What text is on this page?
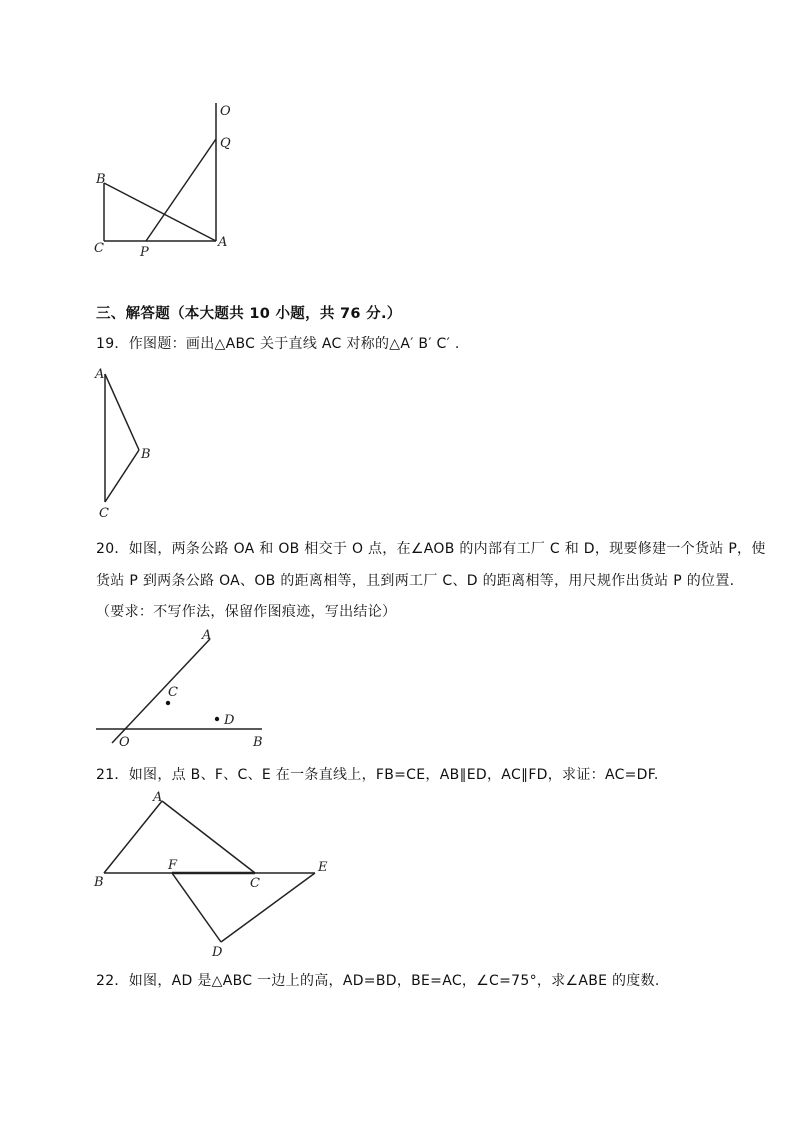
O
Q
B
C	P
A
三、解答题（本大题共 10 小题，共 76 分.）
19．作图题：画出△ABC 关于直线 AC 对称的△A′ B′ C′ .
A
B
C
20．如图，两条公路 OA 和 OB 相交于 O 点，在∠AOB 的内部有工厂 C 和 D，现要修建一个货站 P，使
货站 P 到两条公路 OA、OB 的距离相等，且到两工厂 C、D 的距离相等，用尺规作出货站 P 的位置.
（要求：不写作法，保留作图痕迹，写出结论）
A
C
D
O	B
21．如图，点 B、F、C、E 在一条直线上，FB=CE，AB∥ED，AC∥FD，求证：AC=DF.
A
B
F
C
E
D
22．如图，AD 是△ABC 一边上的高，AD=BD，BE=AC，∠C=75°，求∠ABE 的度数.
